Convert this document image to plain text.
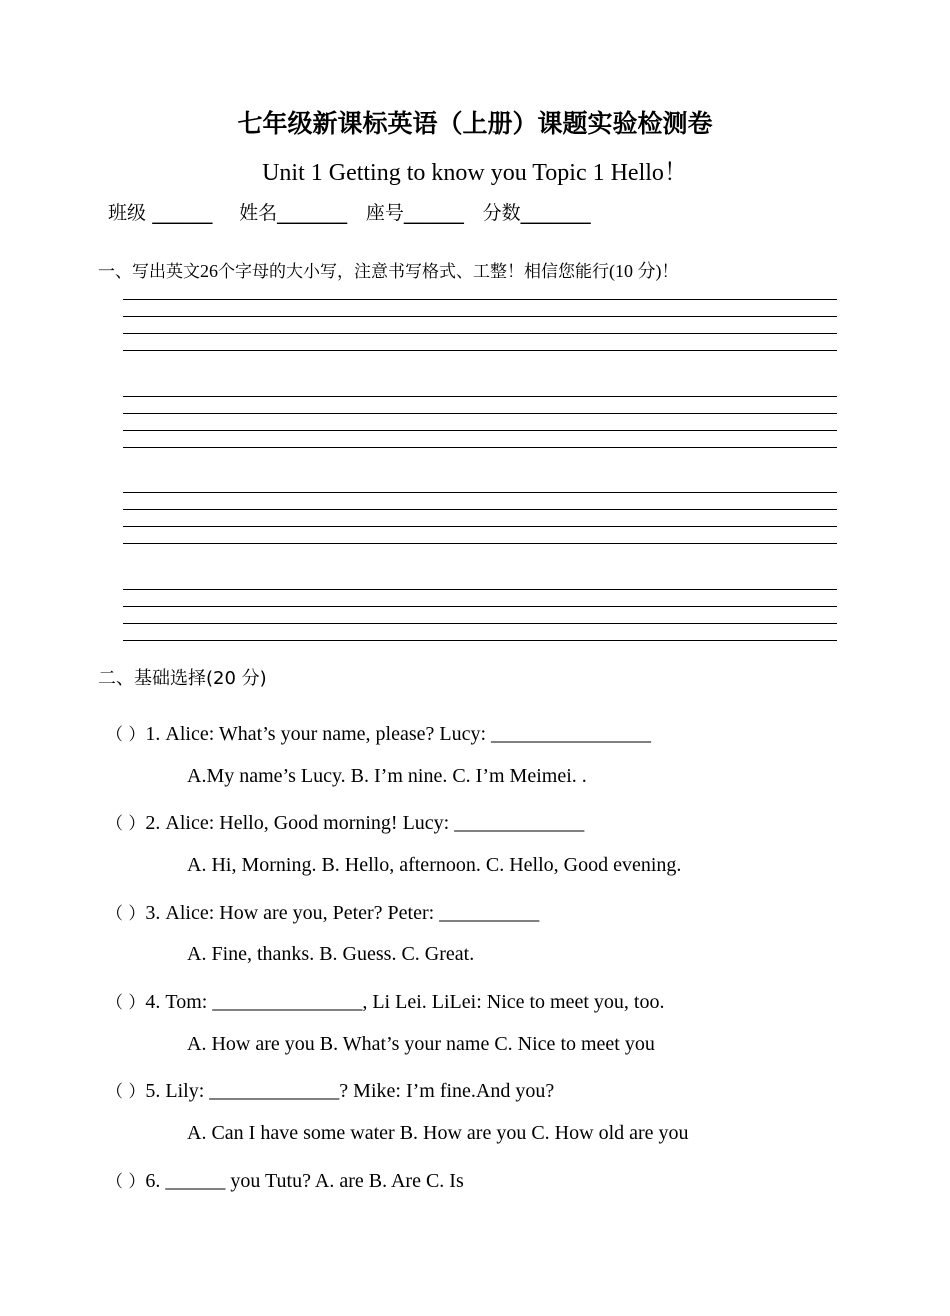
七年级新课标英语（上册）课题实验检测卷
Unit 1 Getting to know you Topic 1 Hello！
班级 ______ 姓名_______ 座号______ 分数_______
一、写出英文26个字母的大小写，注意书写格式、工整！相信您能行(10 分)！
二、基础选择(20 分)
（ ）1. Alice: What’s your name, please? Lucy: ________________
A.My name’s Lucy. B. I’m nine. C. I’m Meimei. .
（ ）2. Alice: Hello, Good morning! Lucy: _____________
A. Hi, Morning. B. Hello, afternoon. C. Hello, Good evening.
（ ）3. Alice: How are you, Peter? Peter: __________
A. Fine, thanks. B. Guess. C. Great.
（ ）4. Tom: _______________, Li Lei. LiLei: Nice to meet you, too.
A. How are you B. What’s your name C. Nice to meet you
（ ）5. Lily: _____________? Mike: I’m fine.And you?
A. Can I have some water B. How are you C. How old are you
（ ）6. ______ you Tutu? A. are B. Are C. Is
